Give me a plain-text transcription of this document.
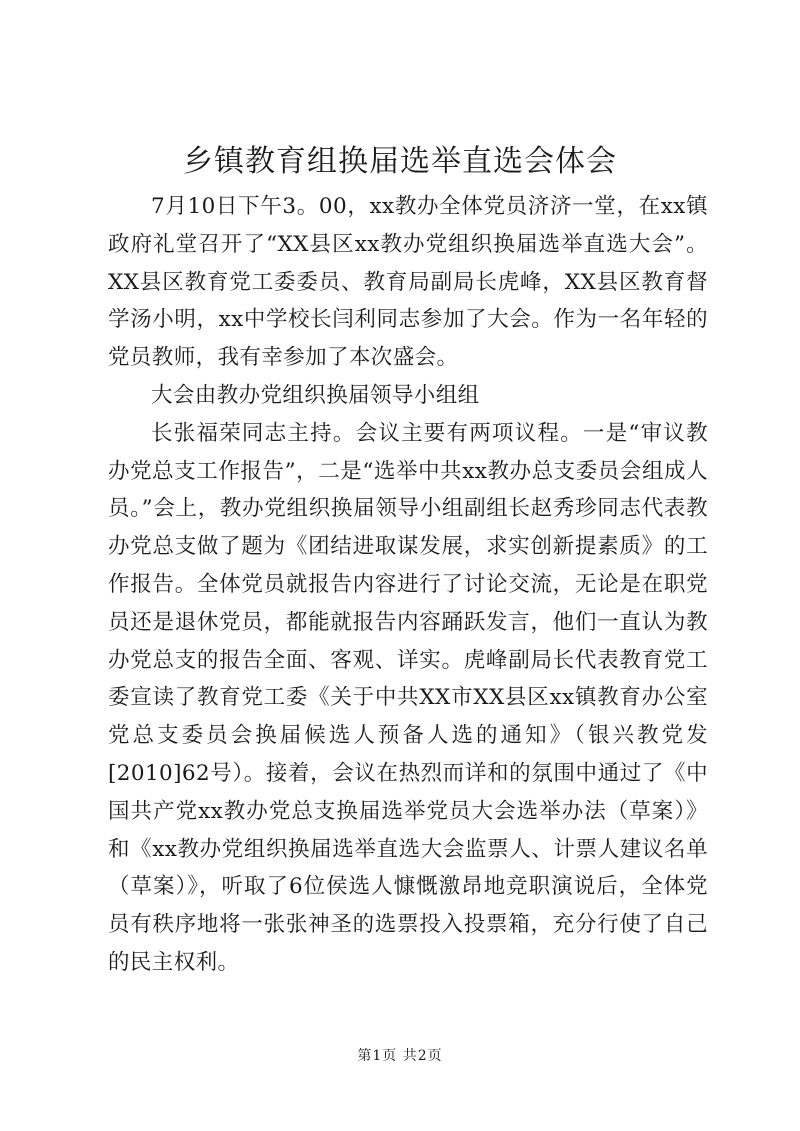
乡镇教育组换届选举直选会体会

7月10日下午3。00，xx教办全体党员济济一堂，在xx镇政府礼堂召开了“XX县区xx教办党组织换届选举直选大会”。XX县区教育党工委委员、教育局副局长虎峰，XX县区教育督学汤小明，xx中学校长闫利同志参加了大会。作为一名年轻的党员教师，我有幸参加了本次盛会。

大会由教办党组织换届领导小组组

长张福荣同志主持。会议主要有两项议程。一是“审议教办党总支工作报告”，二是“选举中共xx教办总支委员会组成人员。”会上，教办党组织换届领导小组副组长赵秀珍同志代表教办党总支做了题为《团结进取谋发展，求实创新提素质》的工作报告。全体党员就报告内容进行了讨论交流，无论是在职党员还是退休党员，都能就报告内容踊跃发言，他们一直认为教办党总支的报告全面、客观、详实。虎峰副局长代表教育党工委宣读了教育党工委《关于中共XX市XX县区xx镇教育办公室党总支委员会换届候选人预备人选的通知》（银兴教党发[2010]62号）。接着，会议在热烈而详和的氛围中通过了《中国共产党xx教办党总支换届选举党员大会选举办法（草案）》和《xx教办党组织换届选举直选大会监票人、计票人建议名单（草案）》，听取了6位侯选人慷慨激昂地竞职演说后，全体党员有秩序地将一张张神圣的选票投入投票箱，充分行使了自己的民主权利。

第1页 共2页
